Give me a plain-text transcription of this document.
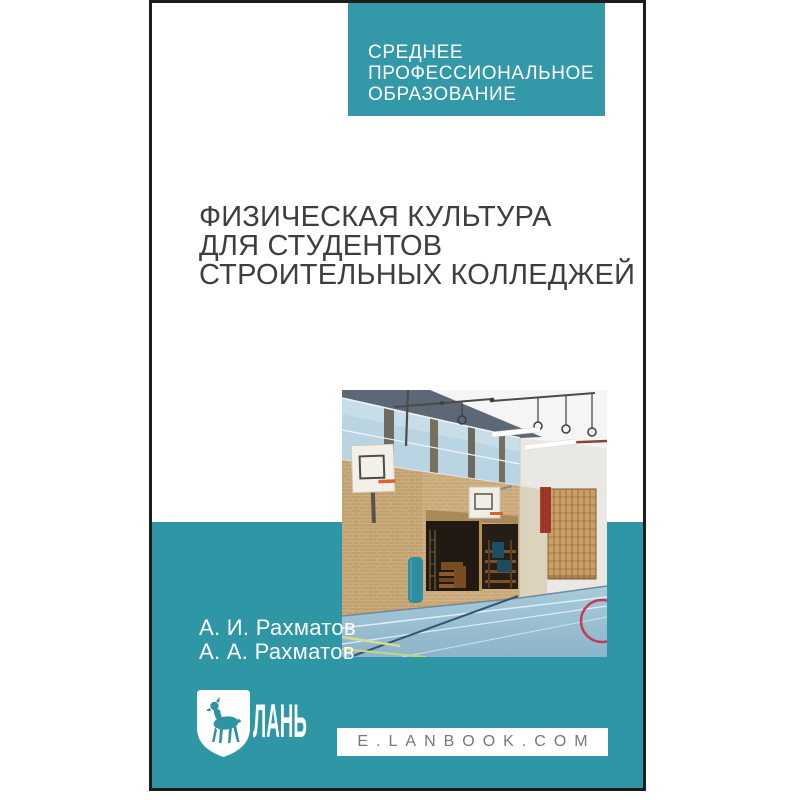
СРЕДНЕЕ
ПРОФЕССИОНАЛЬНОЕ
ОБРАЗОВАНИЕ
ФИЗИЧЕСКАЯ КУЛЬТУРА
ДЛЯ СТУДЕНТОВ
СТРОИТЕЛЬНЫХ КОЛЛЕДЖЕЙ
А. И. Рахматов
А. А. Рахматов
ЛАНЬ	E.LANBOOK.COM
